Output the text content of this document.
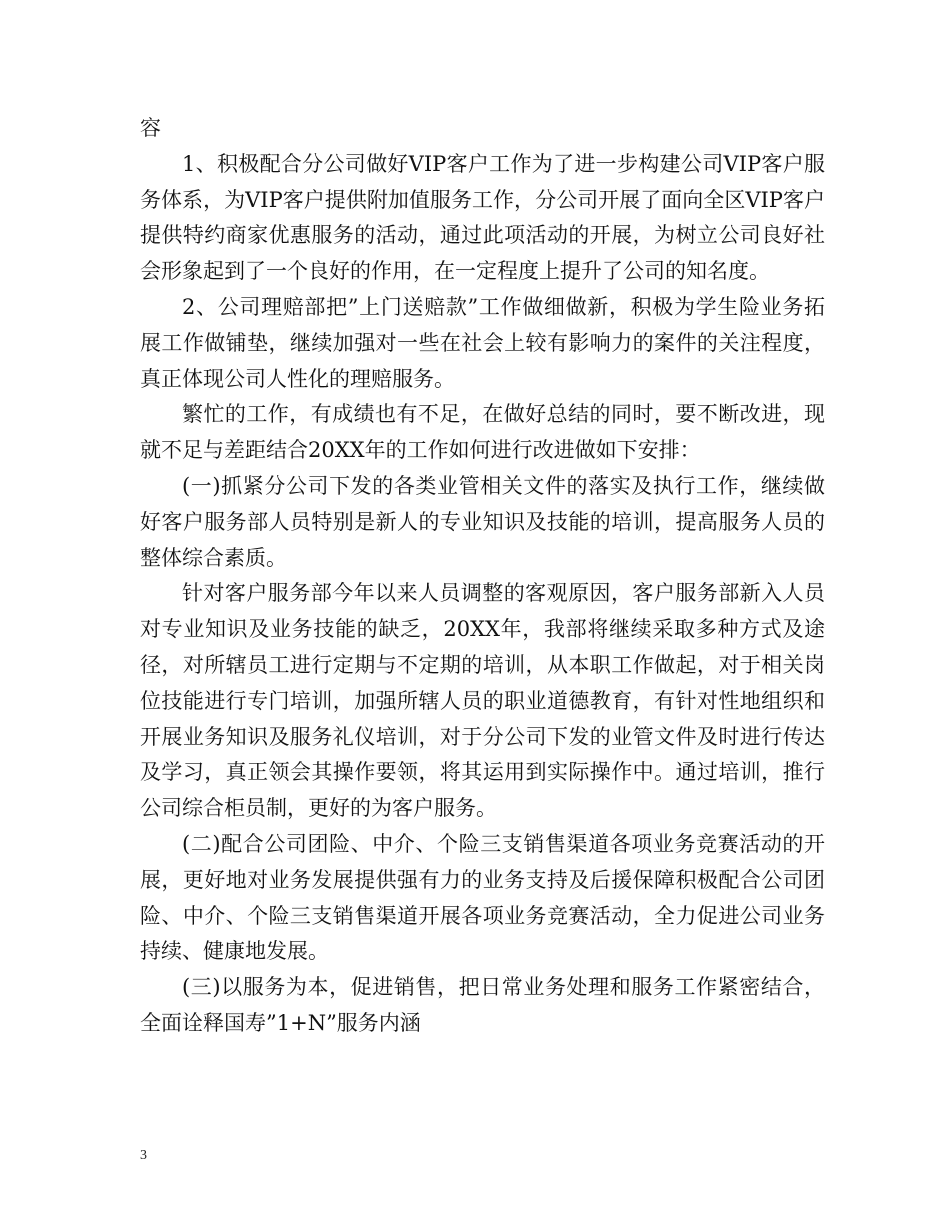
容

1、积极配合分公司做好VIP客户工作为了进一步构建公司VIP客户服务体系，为VIP客户提供附加值服务工作，分公司开展了面向全区VIP客户提供特约商家优惠服务的活动，通过此项活动的开展，为树立公司良好社会形象起到了一个良好的作用，在一定程度上提升了公司的知名度。

2、公司理赔部把”上门送赔款”工作做细做新，积极为学生险业务拓展工作做铺垫，继续加强对一些在社会上较有影响力的案件的关注程度，真正体现公司人性化的理赔服务。

繁忙的工作，有成绩也有不足，在做好总结的同时，要不断改进，现就不足与差距结合20XX年的工作如何进行改进做如下安排：

(一)抓紧分公司下发的各类业管相关文件的落实及执行工作，继续做好客户服务部人员特别是新人的专业知识及技能的培训，提高服务人员的整体综合素质。

针对客户服务部今年以来人员调整的客观原因，客户服务部新入人员对专业知识及业务技能的缺乏，20XX年，我部将继续采取多种方式及途径，对所辖员工进行定期与不定期的培训，从本职工作做起，对于相关岗位技能进行专门培训，加强所辖人员的职业道德教育，有针对性地组织和开展业务知识及服务礼仪培训，对于分公司下发的业管文件及时进行传达及学习，真正领会其操作要领，将其运用到实际操作中。通过培训，推行公司综合柜员制，更好的为客户服务。

(二)配合公司团险、中介、个险三支销售渠道各项业务竞赛活动的开展，更好地对业务发展提供强有力的业务支持及后援保障积极配合公司团险、中介、个险三支销售渠道开展各项业务竞赛活动，全力促进公司业务持续、健康地发展。

(三)以服务为本，促进销售，把日常业务处理和服务工作紧密结合，全面诠释国寿”1+N”服务内涵

3
